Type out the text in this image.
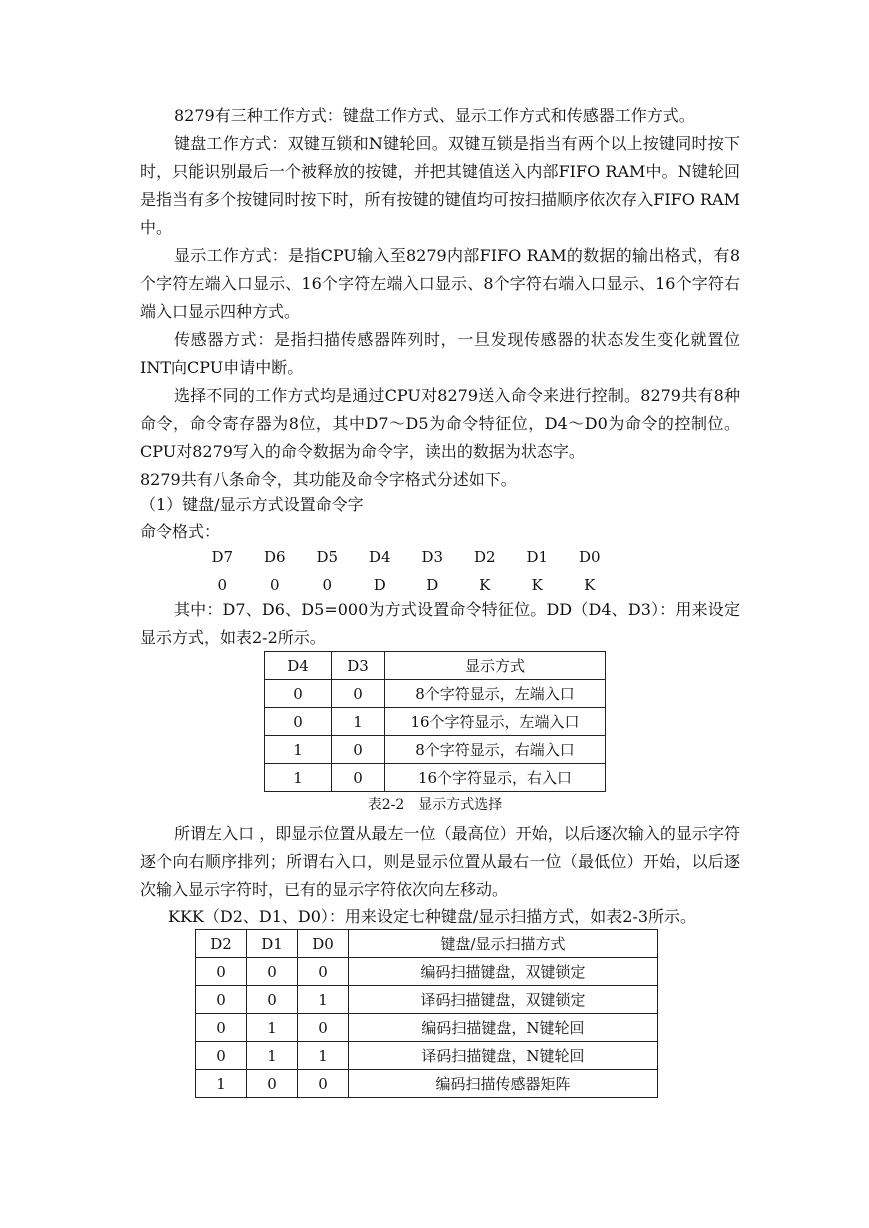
8279有三种工作方式：键盘工作方式、显示工作方式和传感器工作方式。

键盘工作方式：双键互锁和N键轮回。双键互锁是指当有两个以上按键同时按下时，只能识别最后一个被释放的按键，并把其键值送入内部FIFO RAM中。N键轮回是指当有多个按键同时按下时，所有按键的键值均可按扫描顺序依次存入FIFO RAM中。

显示工作方式：是指CPU输入至8279内部FIFO RAM的数据的输出格式，有8个字符左端入口显示、16个字符左端入口显示、8个字符右端入口显示、16个字符右端入口显示四种方式。

传感器方式：是指扫描传感器阵列时，一旦发现传感器的状态发生变化就置位INT向CPU申请中断。

选择不同的工作方式均是通过CPU对8279送入命令来进行控制。8279共有8种命令，命令寄存器为8位，其中D7～D5为命令特征位，D4～D0为命令的控制位。CPU对8279写入的命令数据为命令字，读出的数据为状态字。

8279共有八条命令，其功能及命令字格式分述如下。

（1）键盘/显示方式设置命令字

命令格式：

D7	D6	D5	D4	D3	D2	D1	D0
0	0	0	D	D	K	K	K

其中：D7、D6、D5=000为方式设置命令特征位。DD（D4、D3）：用来设定显示方式，如表2-2所示。

D4	D3	显示方式
0	0	8个字符显示，左端入口
0	1	16个字符显示，左端入口
1	0	8个字符显示，右端入口
1	0	16个字符显示，右入口
表2-2　显示方式选择

所谓左入口 ，即显示位置从最左一位（最高位）开始，以后逐次输入的显示字符逐个向右顺序排列；所谓右入口，则是显示位置从最右一位（最低位）开始，以后逐次输入显示字符时，已有的显示字符依次向左移动。

KKK（D2、D1、D0）：用来设定七种键盘/显示扫描方式，如表2-3所示。

D2	D1	D0	键盘/显示扫描方式
0	0	0	编码扫描键盘，双键锁定
0	0	1	译码扫描键盘，双键锁定
0	1	0	编码扫描键盘，N键轮回
0	1	1	译码扫描键盘，N键轮回
1	0	0	编码扫描传感器矩阵
